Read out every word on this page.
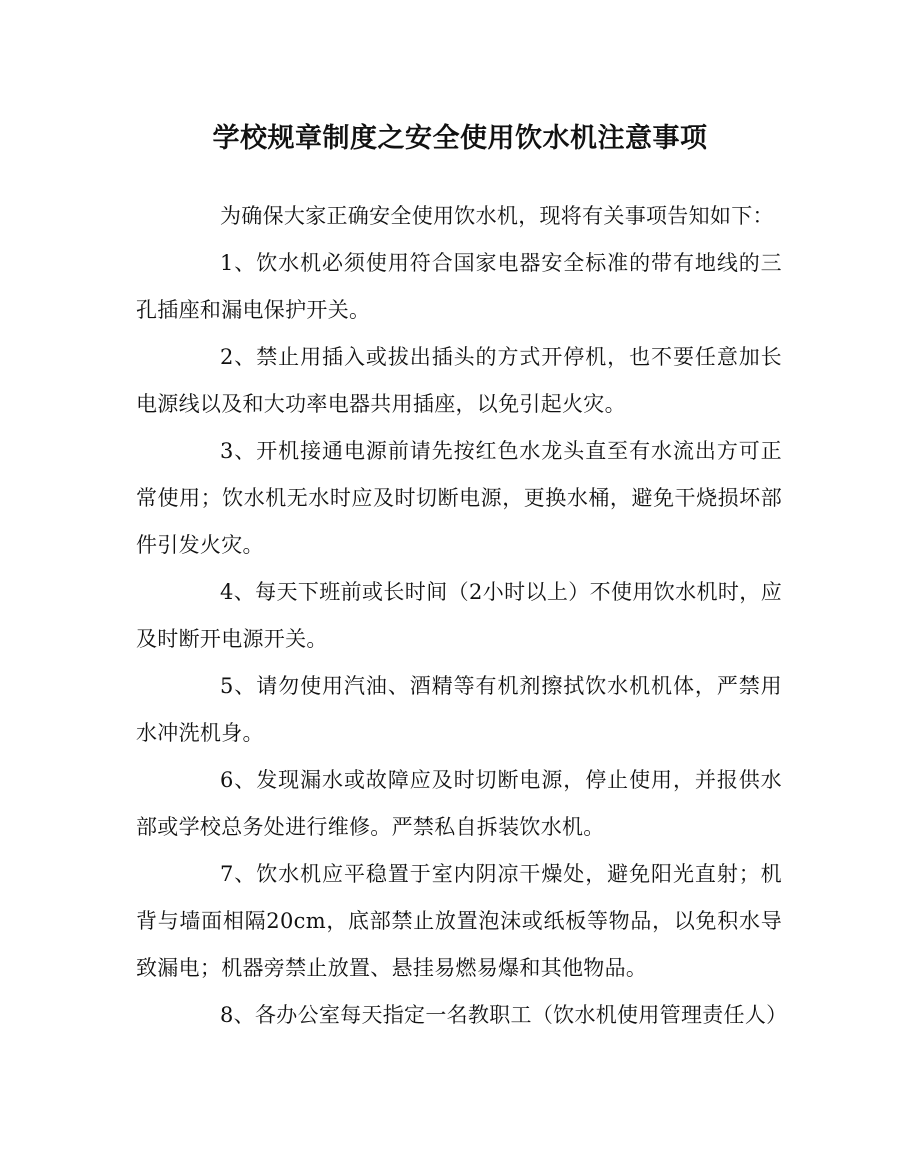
学校规章制度之安全使用饮水机注意事项

为确保大家正确安全使用饮水机，现将有关事项告知如下：

1、饮水机必须使用符合国家电器安全标准的带有地线的三孔插座和漏电保护开关。

2、禁止用插入或拔出插头的方式开停机，也不要任意加长电源线以及和大功率电器共用插座，以免引起火灾。

3、开机接通电源前请先按红色水龙头直至有水流出方可正常使用；饮水机无水时应及时切断电源，更换水桶，避免干烧损坏部件引发火灾。

4、每天下班前或长时间（2小时以上）不使用饮水机时，应及时断开电源开关。

5、请勿使用汽油、酒精等有机剂擦拭饮水机机体，严禁用水冲洗机身。

6、发现漏水或故障应及时切断电源，停止使用，并报供水部或学校总务处进行维修。严禁私自拆装饮水机。

7、饮水机应平稳置于室内阴凉干燥处，避免阳光直射；机背与墙面相隔20cm，底部禁止放置泡沫或纸板等物品，以免积水导致漏电；机器旁禁止放置、悬挂易燃易爆和其他物品。

8、各办公室每天指定一名教职工（饮水机使用管理责任人）
